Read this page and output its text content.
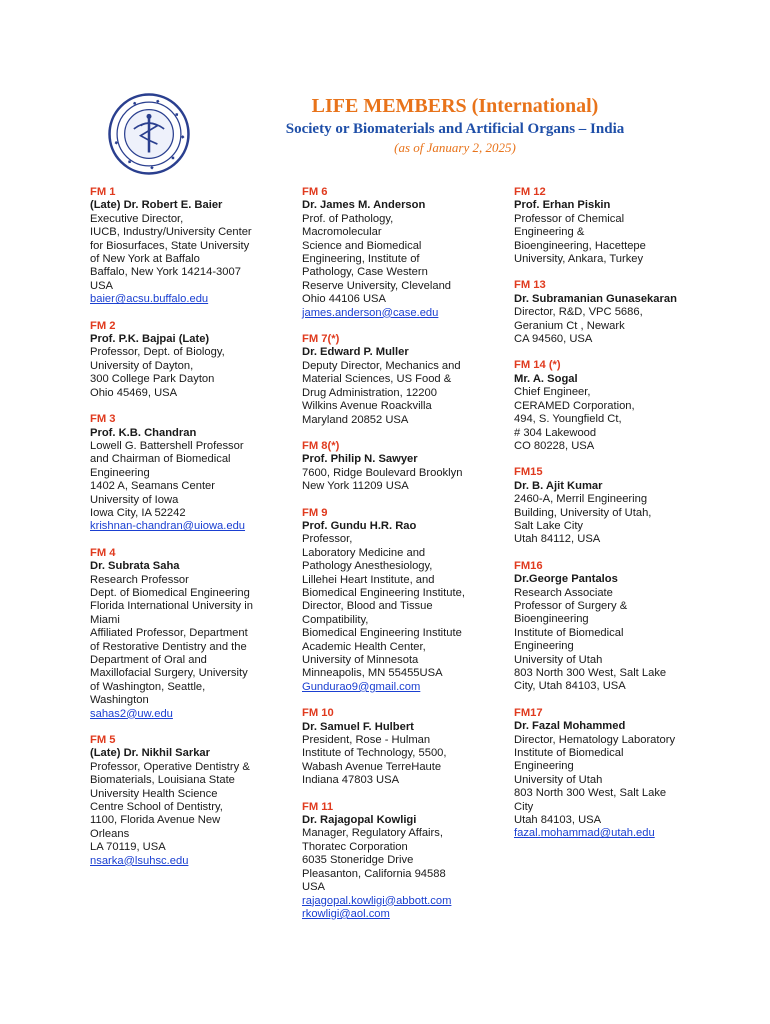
LIFE MEMBERS (International)
Society or Biomaterials and Artificial Organs – India
(as of January 2, 2025)
FM 1
(Late) Dr. Robert E. Baier
Executive Director,
IUCB, Industry/University Center
for Biosurfaces, State University
of New York at Baffalo
Baffalo, New York 14214-3007
USA
baier@acsu.buffalo.edu
FM 2
Prof. P.K. Bajpai (Late)
Professor, Dept. of Biology,
University of Dayton,
300 College Park Dayton
Ohio 45469, USA
FM 3
Prof. K.B. Chandran
Lowell G. Battershell Professor
and Chairman of Biomedical
Engineering
1402 A, Seamans Center
University of Iowa
Iowa City, IA 52242
krishnan-chandran@uiowa.edu
FM 4
Dr. Subrata Saha
Research Professor
Dept. of Biomedical Engineering
Florida International University in
Miami
Affiliated Professor, Department
of Restorative Dentistry and the
Department of Oral and
Maxillofacial Surgery, University
of Washington, Seattle,
Washington
sahas2@uw.edu
FM 5
(Late) Dr. Nikhil Sarkar
Professor, Operative Dentistry &
Biomaterials, Louisiana State
University Health Science
Centre School of Dentistry,
1100, Florida Avenue New
Orleans
LA 70119, USA
nsarka@lsuhsc.edu
FM 6
Dr. James M. Anderson
Prof. of Pathology,
Macromolecular
Science and Biomedical
Engineering, Institute of
Pathology, Case Western
Reserve University, Cleveland
Ohio 44106 USA
james.anderson@case.edu
FM 7(*)
Dr. Edward P. Muller
Deputy Director, Mechanics and
Material Sciences, US Food &
Drug Administration, 12200
Wilkins Avenue Roackvilla
Maryland 20852 USA
FM 8(*)
Prof. Philip N. Sawyer
7600, Ridge Boulevard Brooklyn
New York 11209 USA
FM 9
Prof. Gundu H.R. Rao
Professor,
Laboratory Medicine and
Pathology Anesthesiology,
Lillehei Heart Institute, and
Biomedical Engineering Institute,
Director, Blood and Tissue
Compatibility,
Biomedical Engineering Institute
Academic Health Center,
University of Minnesota
Minneapolis, MN 55455USA
Gundurao9@gmail.com
FM 10
Dr. Samuel F. Hulbert
President, Rose - Hulman
Institute of Technology, 5500,
Wabash Avenue TerreHaute
Indiana 47803 USA
FM 11
Dr. Rajagopal Kowligi
Manager, Regulatory Affairs,
Thoratec Corporation
6035 Stoneridge Drive
Pleasanton, California 94588
USA
rajagopal.kowligi@abbott.com
rkowligi@aol.com
FM 12
Prof. Erhan Piskin
Professor of Chemical
Engineering &
Bioengineering, Hacettepe
University, Ankara, Turkey
FM 13
Dr. Subramanian Gunasekaran
Director, R&D, VPC 5686,
Geranium Ct , Newark
CA 94560, USA
FM 14 (*)
Mr. A. Sogal
Chief Engineer,
CERAMED Corporation,
494, S. Youngfield Ct,
# 304 Lakewood
CO 80228, USA
FM15
Dr. B. Ajit Kumar
2460-A, Merril Engineering
Building, University of Utah,
Salt Lake City
Utah 84112, USA
FM16
Dr.George Pantalos
Research Associate
Professor of Surgery &
Bioengineering
Institute of Biomedical
Engineering
University of Utah
803 North 300 West, Salt Lake
City, Utah 84103, USA
FM17
Dr. Fazal Mohammed
Director, Hematology Laboratory
Institute of Biomedical
Engineering
University of Utah
803 North 300 West, Salt Lake
City
Utah 84103, USA
fazal.mohammad@utah.edu
